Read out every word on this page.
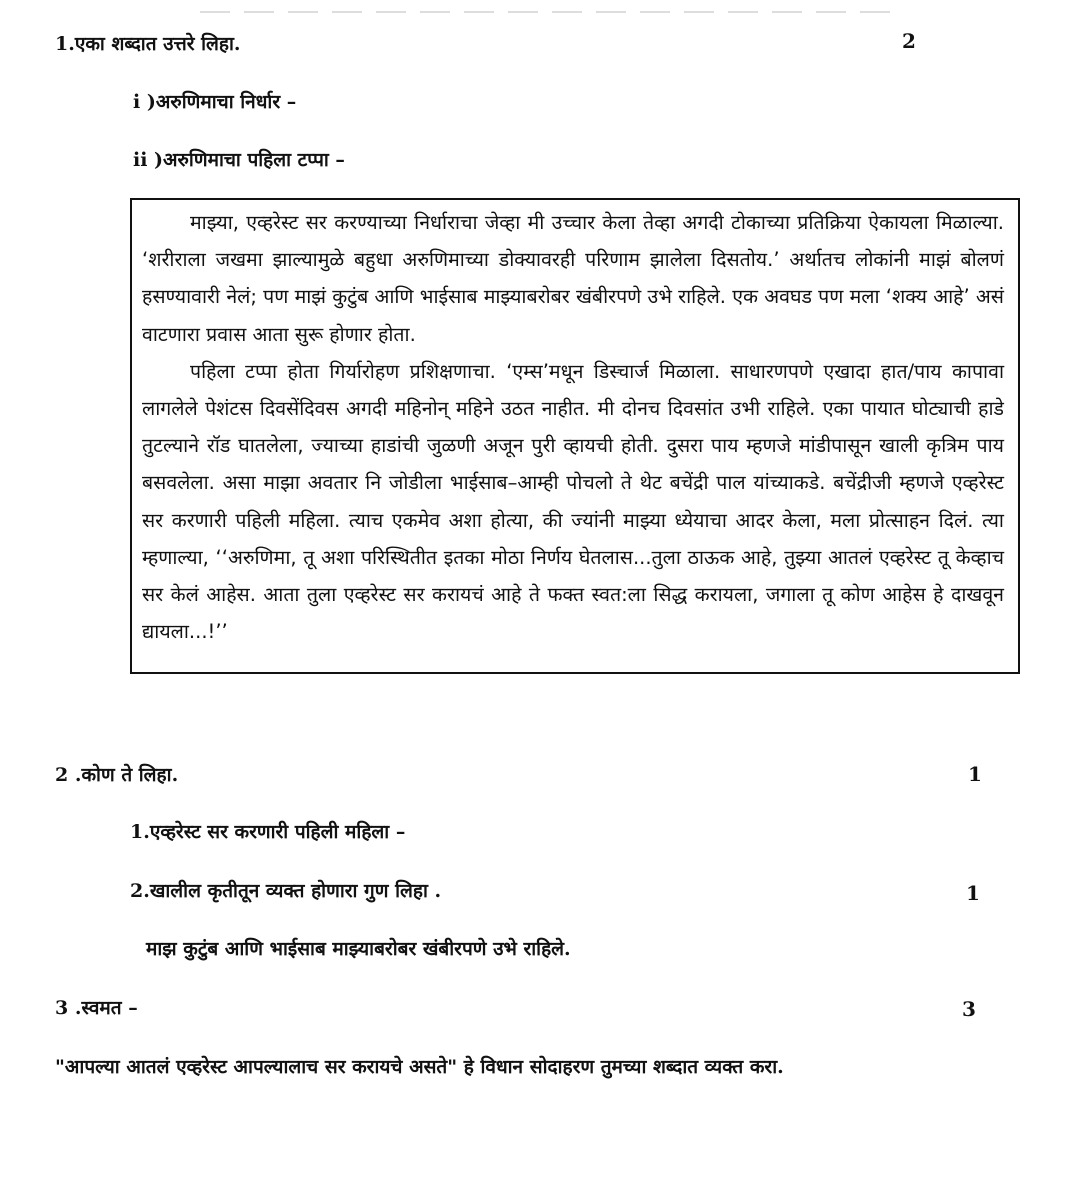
1.एका शब्दात उत्तरे लिहा.	2
i )अरुणिमाचा निर्धार –
ii )अरुणिमाचा पहिला टप्पा –

माझ्या, एव्हरेस्ट सर करण्याच्या निर्धाराचा जेव्हा मी उच्चार केला तेव्हा अगदी टोकाच्या प्रतिक्रिया ऐकायला मिळाल्या. ‘शरीराला जखमा झाल्यामुळे बहुधा अरुणिमाच्या डोक्यावरही परिणाम झालेला दिसतोय.’ अर्थातच लोकांनी माझं बोलणं हसण्यावारी नेलं; पण माझं कुटुंब आणि भाईसाब माझ्याबरोबर खंबीरपणे उभे राहिले. एक अवघड पण मला ‘शक्य आहे’ असं वाटणारा प्रवास आता सुरू होणार होता.

पहिला टप्पा होता गिर्यारोहण प्रशिक्षणाचा. ‘एम्स’मधून डिस्चार्ज मिळाला. साधारणपणे एखादा हात/पाय कापावा लागलेले पेशंटस दिवसेंदिवस अगदी महिनोन् महिने उठत नाहीत. मी दोनच दिवसांत उभी राहिले. एका पायात घोट्याची हाडे तुटल्याने रॉड घातलेला, ज्याच्या हाडांची जुळणी अजून पुरी व्हायची होती. दुसरा पाय म्हणजे मांडीपासून खाली कृत्रिम पाय बसवलेला. असा माझा अवतार नि जोडीला भाईसाब–आम्ही पोचलो ते थेट बचेंद्री पाल यांच्याकडे. बचेंद्रीजी म्हणजे एव्हरेस्ट सर करणारी पहिली महिला. त्याच एकमेव अशा होत्या, की ज्यांनी माझ्या ध्येयाचा आदर केला, मला प्रोत्साहन दिलं. त्या म्हणाल्या, ‘‘अरुणिमा, तू अशा परिस्थितीत इतका मोठा निर्णय घेतलास...तुला ठाऊक आहे, तुझ्या आतलं एव्हरेस्ट तू केव्हाच सर केलं आहेस. आता तुला एव्हरेस्ट सर करायचं आहे ते फक्त स्वत:ला सिद्ध करायला, जगाला तू कोण आहेस हे दाखवून द्यायला...!’’

2 .कोण ते लिहा.	1
1.एव्हरेस्ट सर करणारी पहिली महिला –
2.खालील कृतीतून व्यक्त होणारा गुण लिहा .	1
माझ कुटुंब आणि भाईसाब माझ्याबरोबर खंबीरपणे उभे राहिले.
3 .स्वमत –	3
"आपल्या आतलं एव्हरेस्ट आपल्यालाच सर करायचे असते" हे विधान सोदाहरण तुमच्या शब्दात व्यक्त करा.
